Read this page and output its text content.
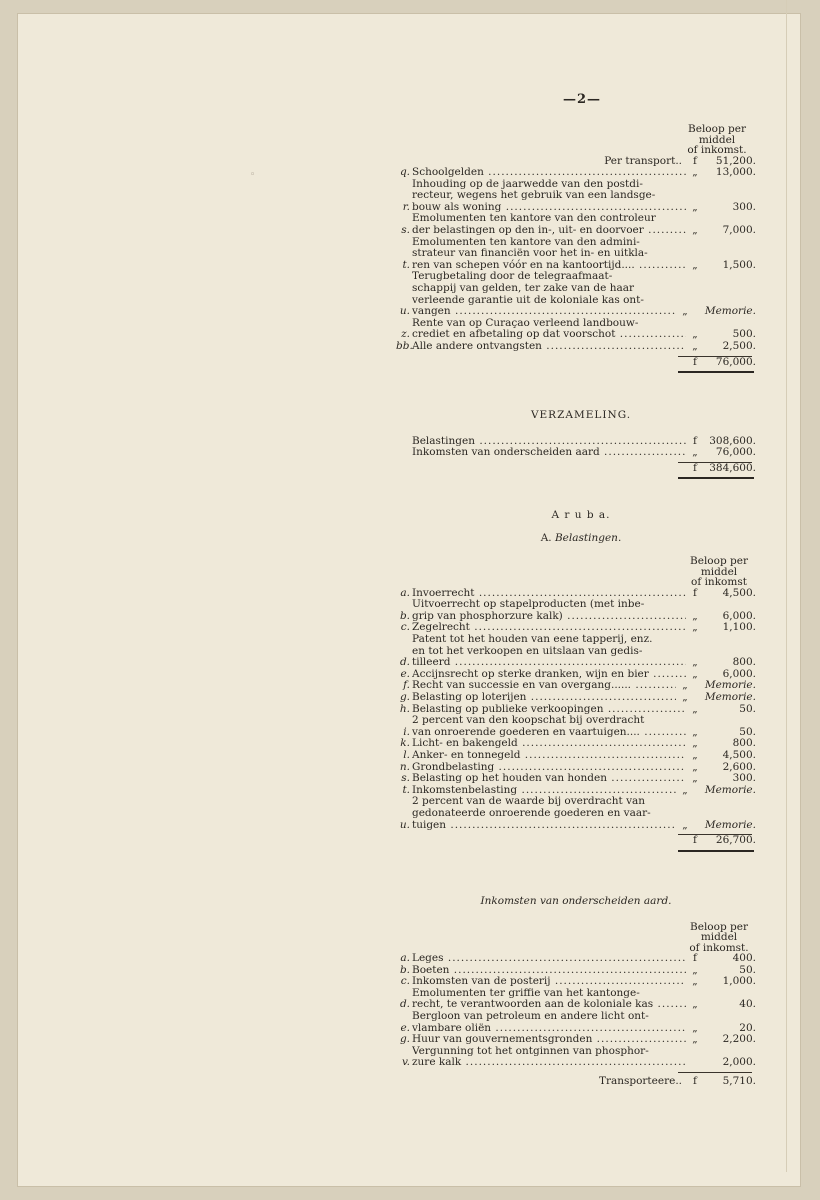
—2—
Beloop per
middel
of inkomst.
Per transport..	f	51,200.
q. Schoolgelden .....	„	13,000.
r.
Inhouding op de jaarwedde van den postdi-
recteur, wegens het gebruik van een landsge-
bouw als woning .....	„	300.
s.
Emolumenten ten kantore van den controleur
der belastingen op den in-, uit- en doorvoer .....	„	7,000.
t.
Emolumenten ten kantore van den admini-
strateur van financiën voor het in- en uitkla-
ren van schepen vóór en na kantoortijd.... .....	„	1,500.
u.
Terugbetaling door de telegraafmaat-
schappij van gelden, ter zake van de haar
verleende garantie uit de koloniale kas ont-
vangen .....	„	Memorie.
z.
Rente van op Curaçao verleend landbouw-
crediet en afbetaling op dat voorschot .....	„	500.
bb. Alle andere ontvangsten .....	„	2,500.
f	76,000.
VERZAMELING.
Belastingen .....	f	308,600.
Inkomsten van onderscheiden aard .....	„	76,000.
f	384,600.
A r u b a.
A. Belastingen.
Beloop per
middel
of inkomst
a. Invoerrecht .....	f	4,500.
b.
Uitvoerrecht op stapelproducten (met inbe-
grip van phosphorzure kalk) .....	„	6,000.
c. Zegelrecht .....	„	1,100.
d.
Patent tot het houden van eene tapperij, enz.
en tot het verkoopen en uitslaan van gedis-
tilleerd .....	„	800.
e. Accijnsrecht op sterke dranken, wijn en bier .....	„	6,000.
f. Recht van successie en van overgang...... .....	„	Memorie.
g. Belasting op loterijen .....	„	Memorie.
h. Belasting op publieke verkoopingen .....	„	50.
i.
2 percent van den koopschat bij overdracht
van onroerende goederen en vaartuigen.... .....	„	50.
k. Licht- en bakengeld .....	„	800.
l. Anker- en tonnegeld .....	„	4,500.
n. Grondbelasting .....	„	2,600.
s. Belasting op het houden van honden .....	„	300.
t. Inkomstenbelasting .....	„	Memorie.
u.
2 percent van de waarde bij overdracht van
gedonateerde onroerende goederen en vaar-
tuigen .....	„	Memorie.
f	26,700.
Inkomsten van onderscheiden aard.
Beloop per
middel
of inkomst.
a. Leges .....	f	400.
b. Boeten .....	„	50.
c. Inkomsten van de posterij .....	„	1,000.
d.
Emolumenten ter griffie van het kantonge-
recht, te verantwoorden aan de koloniale kas .....	„	40.
e.
Bergloon van petroleum en andere licht ont-
vlambare oliën .....	„	20.
g. Huur van gouvernementsgronden .....	„	2,200.
v.
Vergunning tot het ontginnen van phosphor-
zure kalk .....	2,000.
Transporteere..	f	5,710.
◦
